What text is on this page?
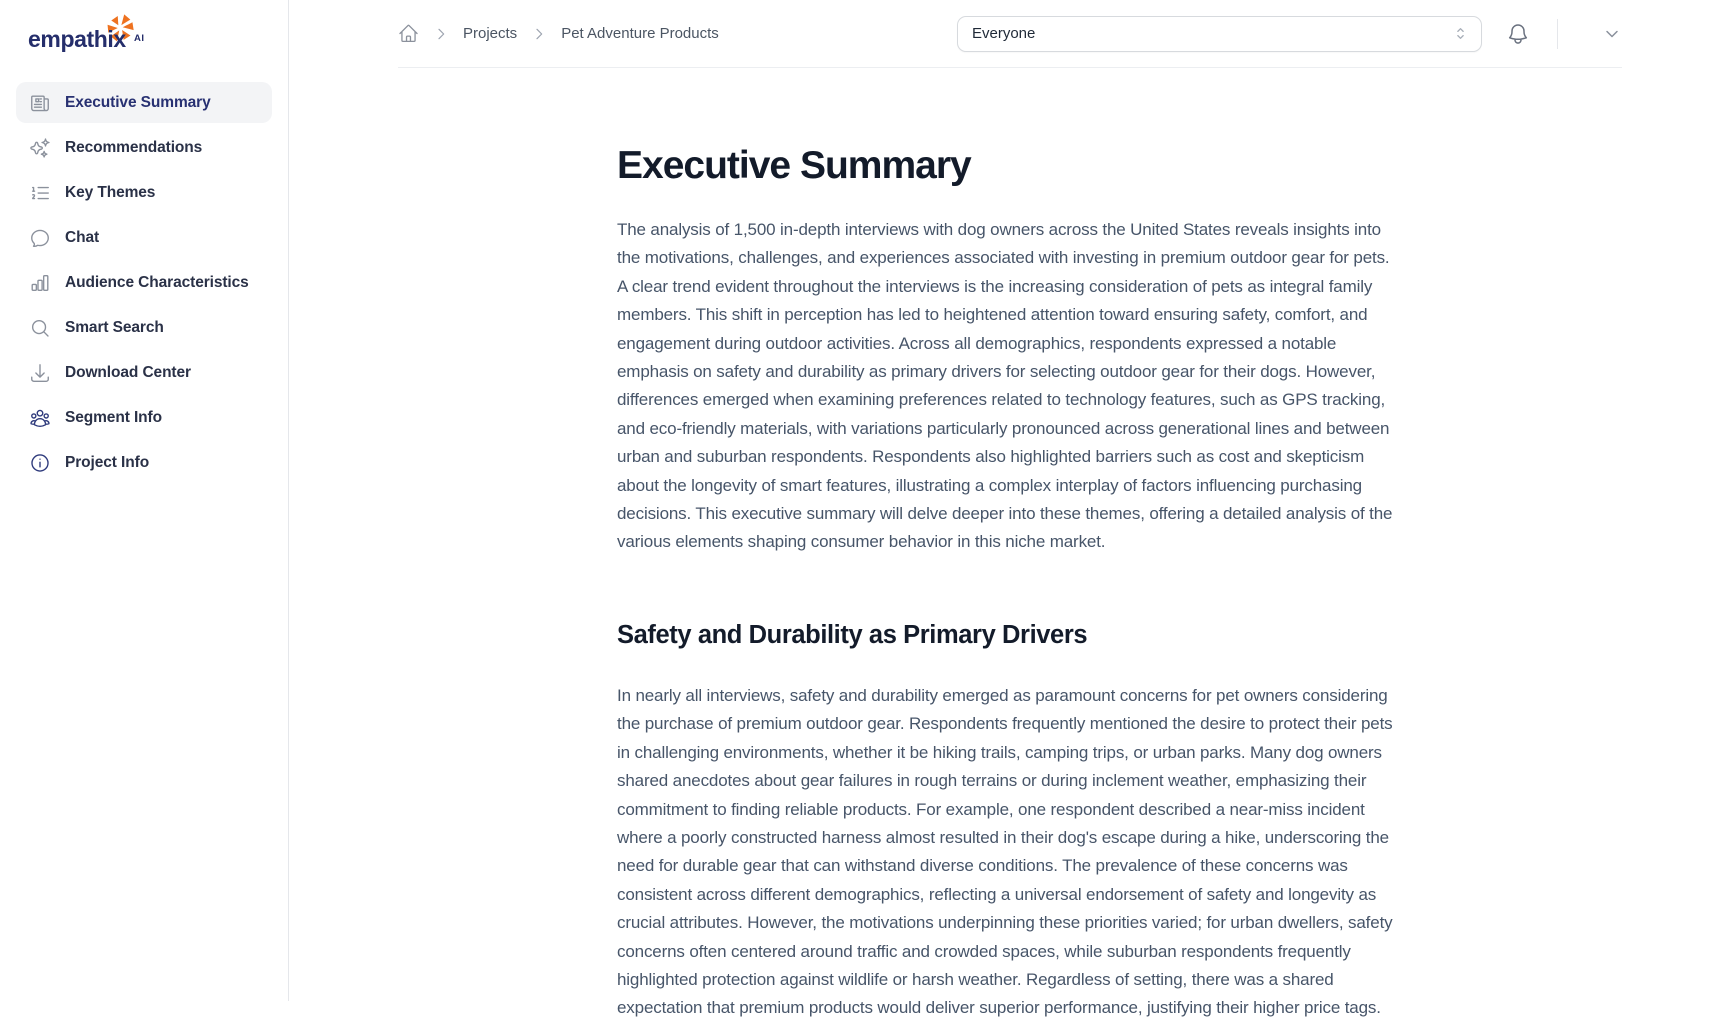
empathix AI
Executive Summary
Recommendations
Key Themes
Chat
Audience Characteristics
Smart Search
Download Center
Segment Info
Project Info
Projects	Pet Adventure Products	Everyone
Executive Summary

The analysis of 1,500 in-depth interviews with dog owners across the United States reveals insights into the motivations, challenges, and experiences associated with investing in premium outdoor gear for pets. A clear trend evident throughout the interviews is the increasing consideration of pets as integral family members. This shift in perception has led to heightened attention toward ensuring safety, comfort, and engagement during outdoor activities. Across all demographics, respondents expressed a notable emphasis on safety and durability as primary drivers for selecting outdoor gear for their dogs. However, differences emerged when examining preferences related to technology features, such as GPS tracking, and eco-friendly materials, with variations particularly pronounced across generational lines and between urban and suburban respondents. Respondents also highlighted barriers such as cost and skepticism about the longevity of smart features, illustrating a complex interplay of factors influencing purchasing decisions. This executive summary will delve deeper into these themes, offering a detailed analysis of the various elements shaping consumer behavior in this niche market.

Safety and Durability as Primary Drivers

In nearly all interviews, safety and durability emerged as paramount concerns for pet owners considering the purchase of premium outdoor gear. Respondents frequently mentioned the desire to protect their pets in challenging environments, whether it be hiking trails, camping trips, or urban parks. Many dog owners shared anecdotes about gear failures in rough terrains or during inclement weather, emphasizing their commitment to finding reliable products. For example, one respondent described a near-miss incident where a poorly constructed harness almost resulted in their dog's escape during a hike, underscoring the need for durable gear that can withstand diverse conditions. The prevalence of these concerns was consistent across different demographics, reflecting a universal endorsement of safety and longevity as crucial attributes. However, the motivations underpinning these priorities varied; for urban dwellers, safety concerns often centered around traffic and crowded spaces, while suburban respondents frequently highlighted protection against wildlife or harsh weather. Regardless of setting, there was a shared expectation that premium products would deliver superior performance, justifying their higher price tags.
